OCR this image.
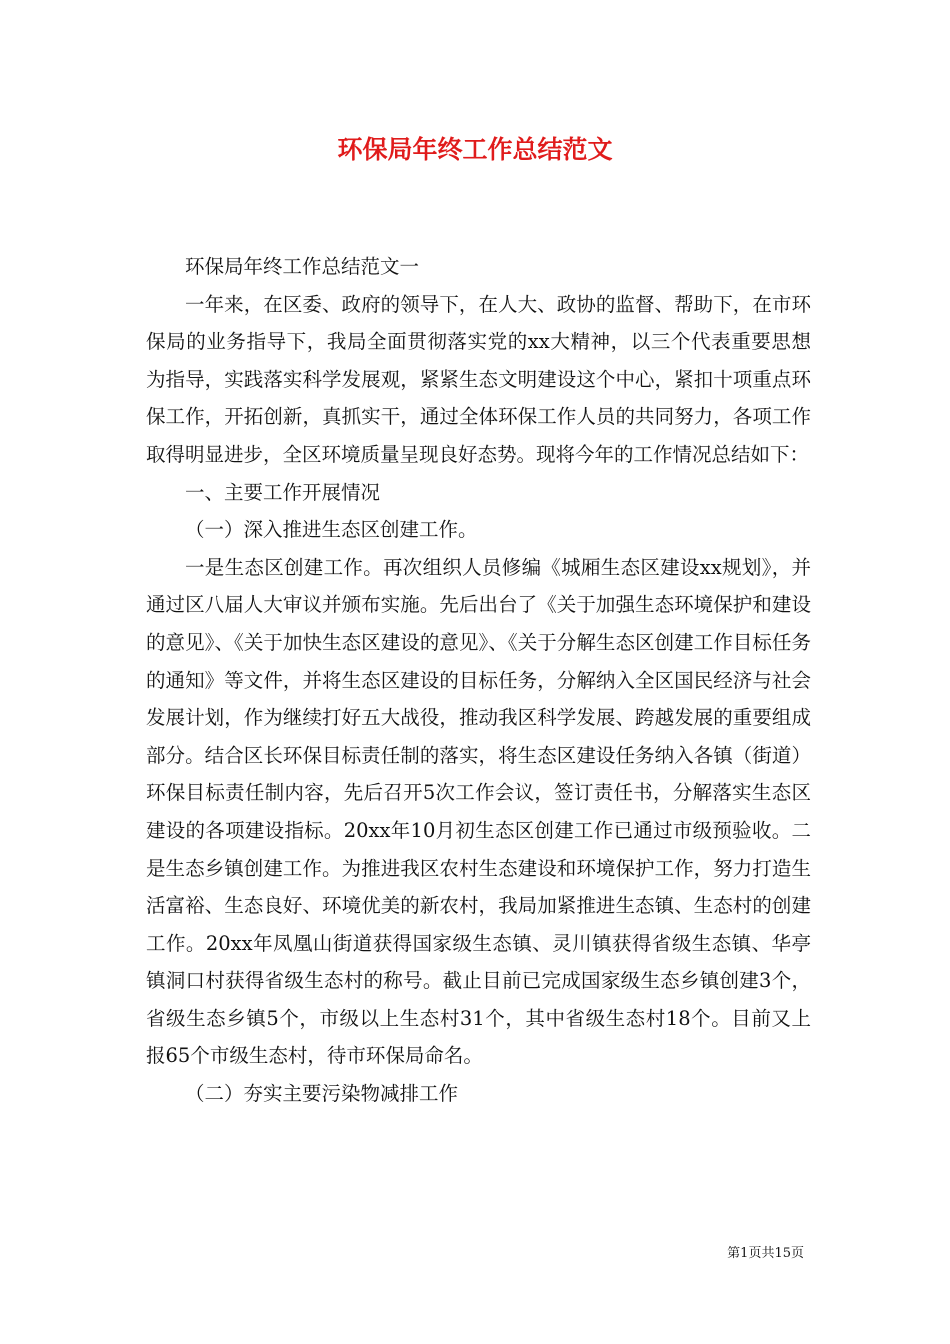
环保局年终工作总结范文

环保局年终工作总结范文一

一年来，在区委、政府的领导下，在人大、政协的监督、帮助下，在市环保局的业务指导下，我局全面贯彻落实党的xx大精神，以三个代表重要思想为指导，实践落实科学发展观，紧紧生态文明建设这个中心，紧扣十项重点环保工作，开拓创新，真抓实干，通过全体环保工作人员的共同努力，各项工作取得明显进步，全区环境质量呈现良好态势。现将今年的工作情况总结如下：

一、主要工作开展情况

（一）深入推进生态区创建工作。

一是生态区创建工作。再次组织人员修编《城厢生态区建设xx规划》，并通过区八届人大审议并颁布实施。先后出台了《关于加强生态环境保护和建设的意见》、《关于加快生态区建设的意见》、《关于分解生态区创建工作目标任务的通知》等文件，并将生态区建设的目标任务，分解纳入全区国民经济与社会发展计划，作为继续打好五大战役，推动我区科学发展、跨越发展的重要组成部分。结合区长环保目标责任制的落实，将生态区建设任务纳入各镇（街道）环保目标责任制内容，先后召开5次工作会议，签订责任书，分解落实生态区建设的各项建设指标。20xx年10月初生态区创建工作已通过市级预验收。二是生态乡镇创建工作。为推进我区农村生态建设和环境保护工作，努力打造生活富裕、生态良好、环境优美的新农村，我局加紧推进生态镇、生态村的创建工作。20xx年凤凰山街道获得国家级生态镇、灵川镇获得省级生态镇、华亭镇洞口村获得省级生态村的称号。截止目前已完成国家级生态乡镇创建3个，省级生态乡镇5个，市级以上生态村31个，其中省级生态村18个。目前又上报65个市级生态村，待市环保局命名。

（二）夯实主要污染物减排工作

第1页共15页
